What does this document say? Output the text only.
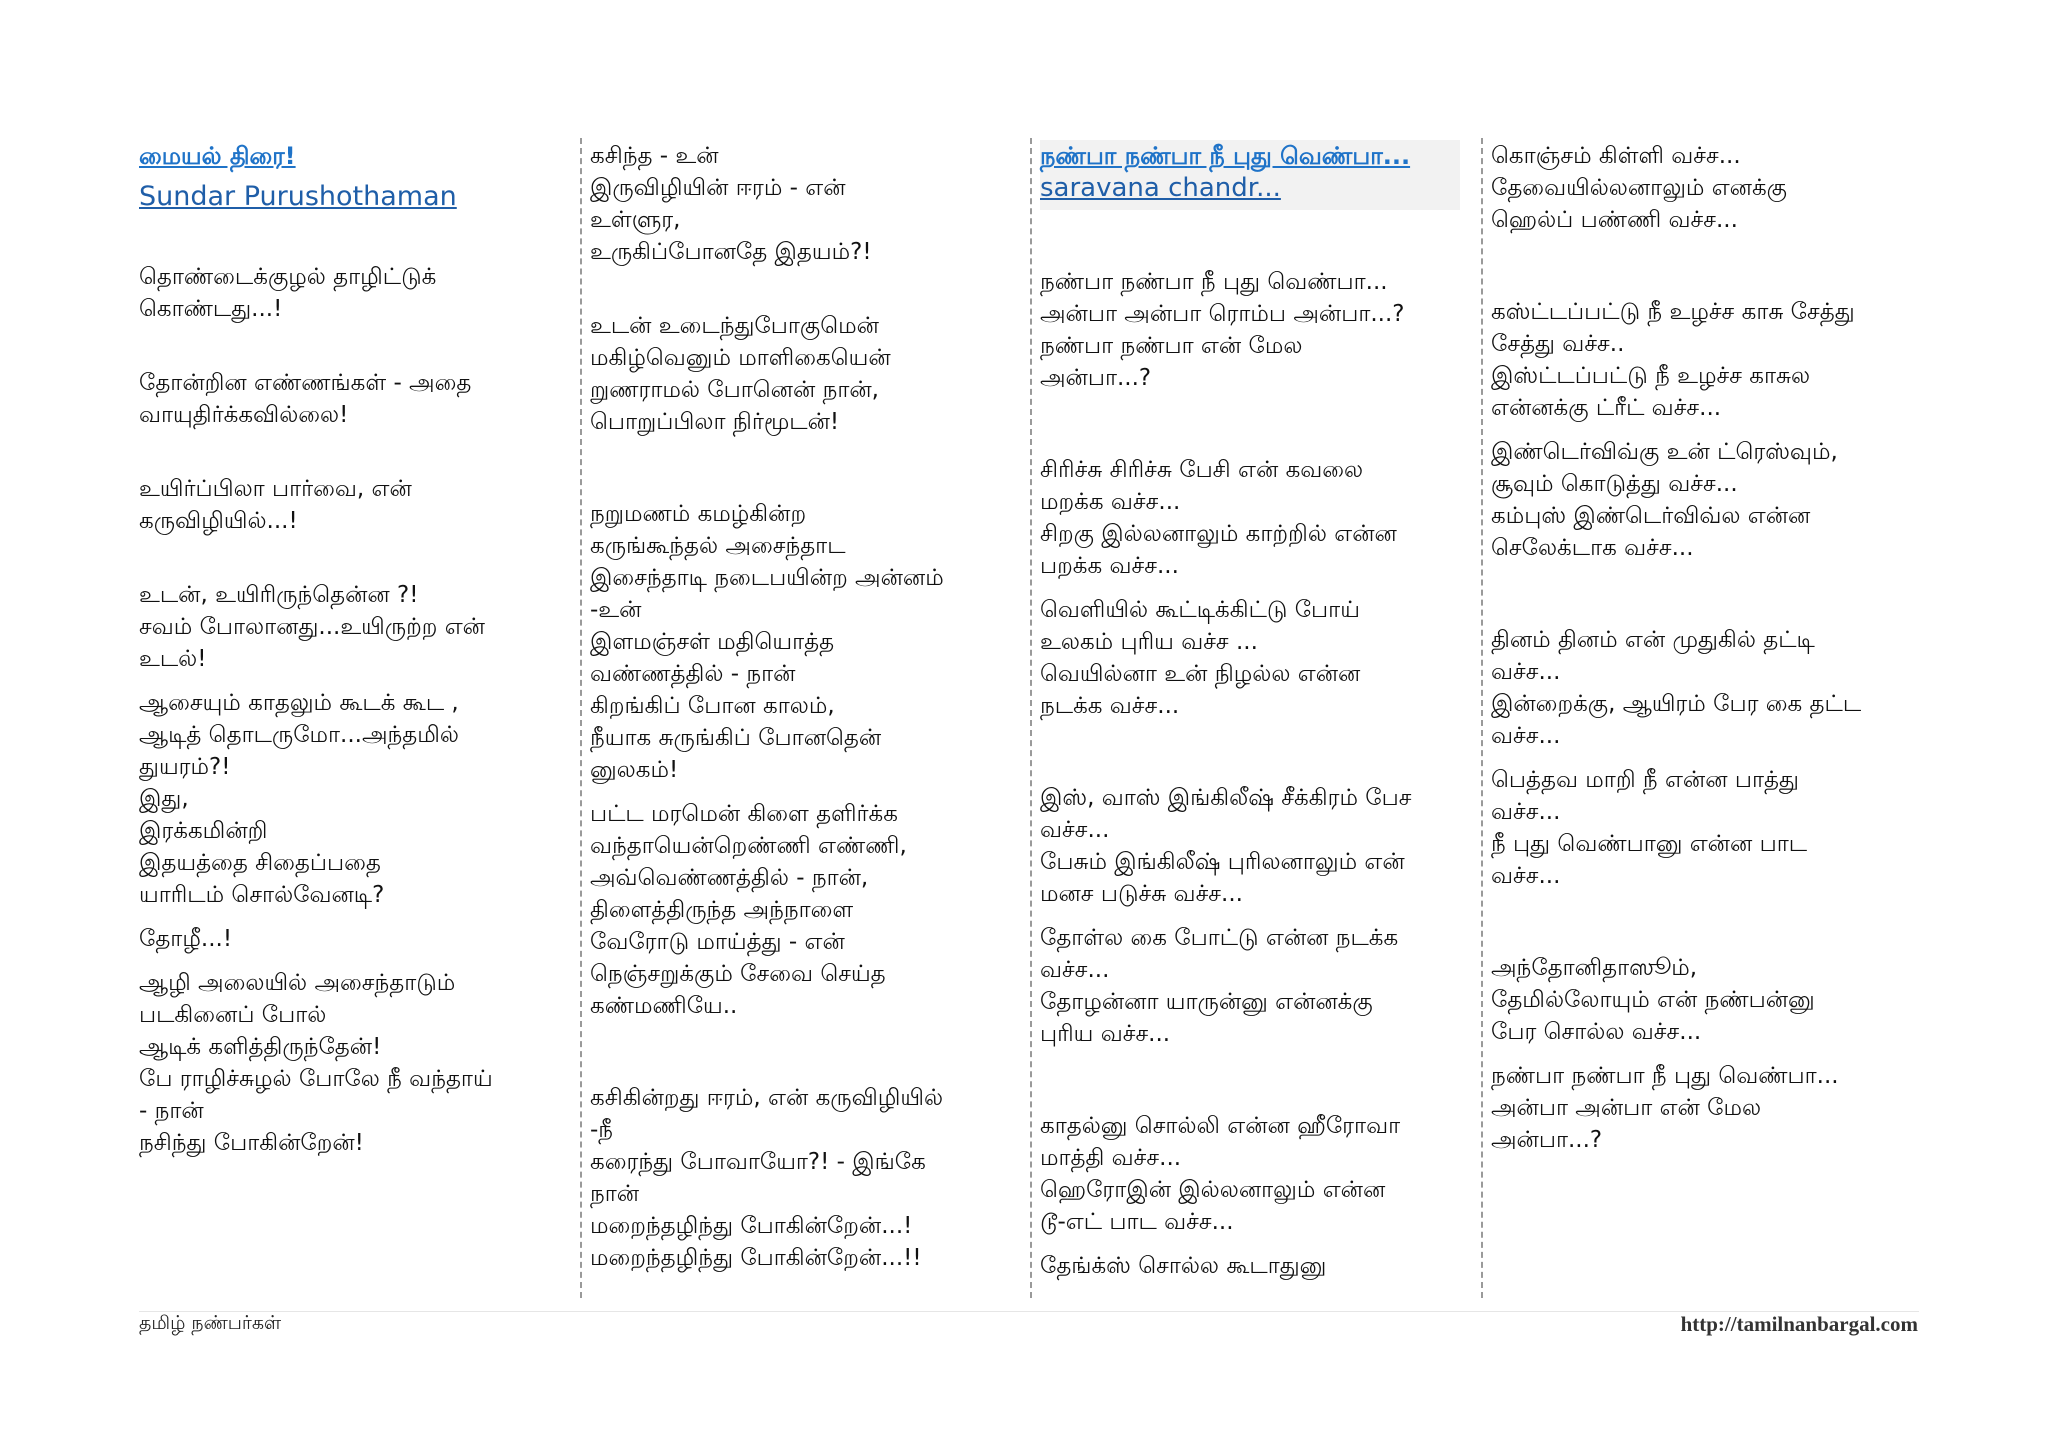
மையல் திரை!
Sundar Purushothaman
தொண்டைக்குழல் தாழிட்டுக்
கொண்டது...!
தோன்றின எண்ணங்கள் - அதை
வாயுதிர்க்கவில்லை!
உயிர்ப்பிலா பார்வை, என்
கருவிழியில்...!
உடன், உயிரிருந்தென்ன ?!
சவம் போலானது...உயிருற்ற என்
உடல்!
ஆசையும் காதலும் கூடக் கூட ,
ஆடித் தொடருமோ...அந்தமில்
துயரம்?!
இது,
இரக்கமின்றி
இதயத்தை சிதைப்பதை
யாரிடம் சொல்வேனடி?
தோழீ...!
ஆழி அலையில் அசைந்தாடும்
படகினைப் போல்
ஆடிக் களித்திருந்தேன்!
பே ராழிச்சுழல் போலே நீ வந்தாய்
- நான்
நசிந்து போகின்றேன்!
கசிந்த - உன்
இருவிழியின் ஈரம் - என்
உள்ளுர,
உருகிப்போனதே இதயம்?!
உடன் உடைந்துபோகுமென்
மகிழ்வெனும் மாளிகையென்
றுணராமல் போனென் நான்,
பொறுப்பிலா நிர்மூடன்!
நறுமணம் கமழ்கின்ற
கருங்கூந்தல் அசைந்தாட
இசைந்தாடி நடைபயின்ற அன்னம்
-உன்
இளமஞ்சள் மதியொத்த
வண்ணத்தில் - நான்
கிறங்கிப் போன காலம்,
நீயாக சுருங்கிப் போனதென்
னுலகம்!
பட்ட மரமென் கிளை தளிர்க்க
வந்தாயென்றெண்ணி எண்ணி,
அவ்வெண்ணத்தில் - நான்,
திளைத்திருந்த அந்நாளை
வேரோடு மாய்த்து - என்
நெஞ்சறுக்கும் சேவை செய்த
கண்மணியே..
கசிகின்றது ஈரம், என் கருவிழியில்
-நீ
கரைந்து போவாயோ?! - இங்கே
நான்
மறைந்தழிந்து போகின்றேன்...!
மறைந்தழிந்து போகின்றேன்...!!
நண்பா நண்பா நீ புது வெண்பா...
saravana chandr...
நண்பா நண்பா நீ புது வெண்பா...
அன்பா அன்பா ரொம்ப அன்பா...?
நண்பா நண்பா என் மேல
அன்பா...?
சிரிச்சு சிரிச்சு பேசி என் கவலை
மறக்க வச்ச...
சிறகு இல்லனாலும் காற்றில் என்ன
பறக்க வச்ச...
வெளியில் கூட்டிக்கிட்டு போய்
உலகம் புரிய வச்ச ...
வெயில்னா உன் நிழல்ல என்ன
நடக்க வச்ச...
இஸ், வாஸ் இங்கிலீஷ் சீக்கிரம் பேச
வச்ச...
பேசும் இங்கிலீஷ் புரிலனாலும் என்
மனச படுச்சு வச்ச...
தோள்ல கை போட்டு என்ன நடக்க
வச்ச...
தோழன்னா யாருன்னு என்னக்கு
புரிய வச்ச...
காதல்னு சொல்லி என்ன ஹீரோவா
மாத்தி வச்ச...
ஹெரோஇன் இல்லனாலும் என்ன
டூ-எட் பாட வச்ச...
தேங்க்ஸ் சொல்ல கூடாதுனு
கொஞ்சம் கிள்ளி வச்ச...
தேவையில்லனாலும் எனக்கு
ஹெல்ப் பண்ணி வச்ச...
கஸ்ட்டப்பட்டு நீ உழச்ச காசு சேத்து
சேத்து வச்ச..
இஸ்ட்டப்பட்டு நீ உழச்ச காசுல
என்னக்கு ட்ரீட் வச்ச...
இண்டெர்விவ்கு உன் ட்ரெஸ்வும்,
சூவும் கொடுத்து வச்ச...
கம்புஸ் இண்டெர்விவ்ல என்ன
செலேக்டாக வச்ச...
தினம் தினம் என் முதுகில் தட்டி
வச்ச...
இன்றைக்கு, ஆயிரம் பேர கை தட்ட
வச்ச...
பெத்தவ மாறி நீ என்ன பாத்து
வச்ச...
நீ புது வெண்பானு என்ன பாட
வச்ச...
அந்தோனிதாஸூம்,
தேமில்லோயும் என் நண்பன்னு
பேர சொல்ல வச்ச...
நண்பா நண்பா நீ புது வெண்பா...
அன்பா அன்பா என் மேல
அன்பா...?
தமிழ் நண்பர்கள்	http://tamilnanbargal.com
